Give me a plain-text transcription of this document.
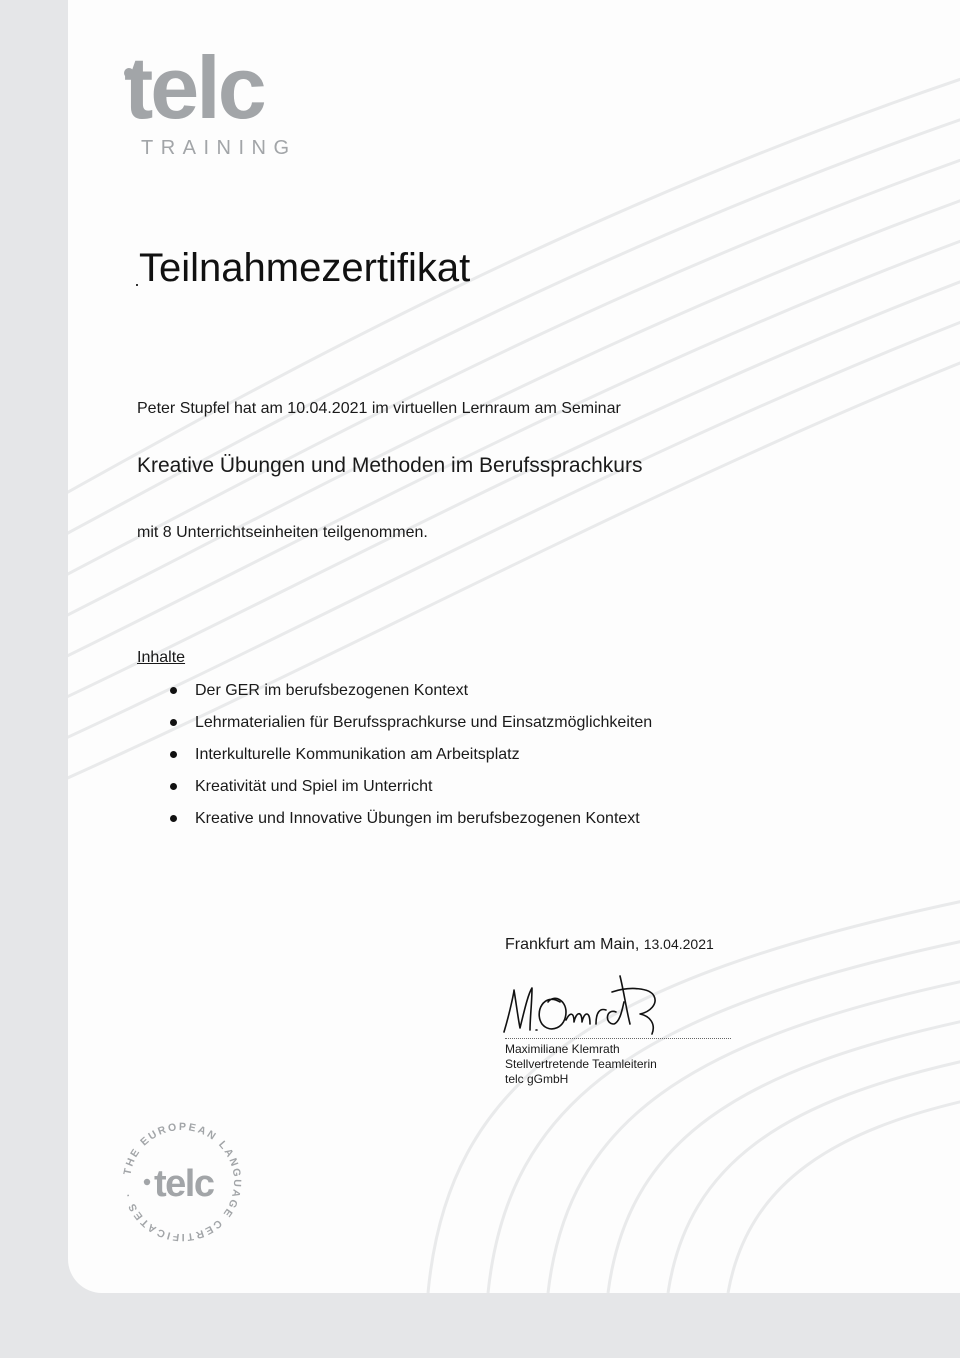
telc
TRAINING
Teilnahmezertifikat
Peter Stupfel hat am 10.04.2021 im virtuellen Lernraum am Seminar
Kreative Übungen und Methoden im Berufssprachkurs
mit 8 Unterrichtseinheiten teilgenommen.
Inhalte
Der GER im berufsbezogenen Kontext
Lehrmaterialien für Berufssprachkurse und Einsatzmöglichkeiten
Interkulturelle Kommunikation am Arbeitsplatz
Kreativität und Spiel im Unterricht
Kreative und Innovative Übungen im berufsbezogenen Kontext
Frankfurt am Main, 13.04.2021
Maximiliane Klemrath
Stellvertretende Teamleiterin
telc gGmbH
THE EUROPEAN LANGUAGE CERTIFICATES · telc
